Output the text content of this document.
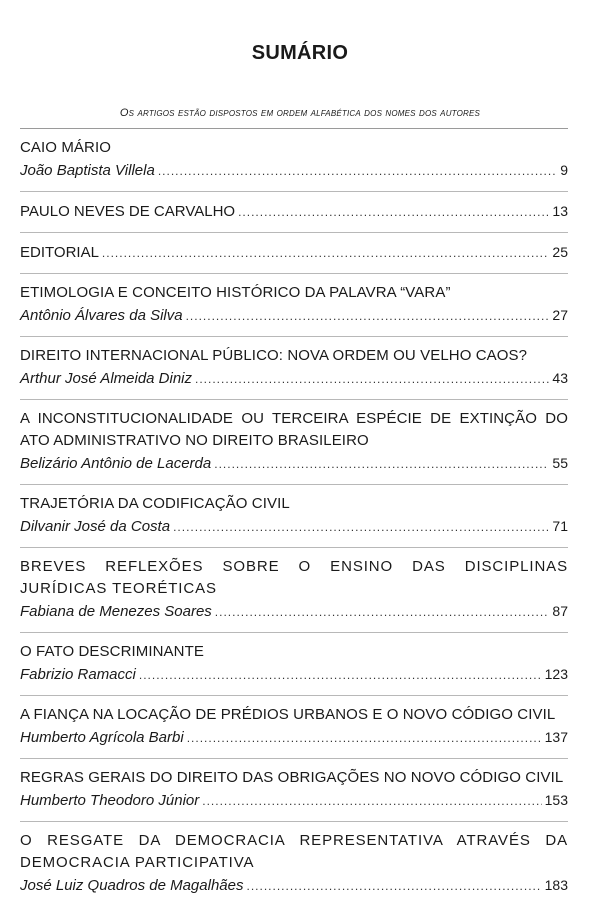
SUMÁRIO
Os artigos estão dispostos em ordem alfabética dos nomes dos autores
CAIO MÁRIO
João Baptista Villela .....	9
PAULO NEVES DE CARVALHO .....	13
EDITORIAL .....	25
ETIMOLOGIA E CONCEITO HISTÓRICO DA PALAVRA “VARA”
Antônio Álvares da Silva .....	27
DIREITO INTERNACIONAL PÚBLICO: NOVA ORDEM OU VELHO CAOS?
Arthur José Almeida Diniz .....	43
A INCONSTITUCIONALIDADE OU TERCEIRA ESPÉCIE DE EXTINÇÃO DO ATO ADMINISTRATIVO NO DIREITO BRASILEIRO
Belizário Antônio de Lacerda .....	55
TRAJETÓRIA DA CODIFICAÇÃO CIVIL
Dilvanir José da Costa .....	71
BREVES REFLEXÕES SOBRE O ENSINO DAS DISCIPLINAS JURÍDICAS TEORÉTICAS
Fabiana de Menezes Soares .....	87
O FATO DESCRIMINANTE
Fabrizio Ramacci .....	123
A FIANÇA NA LOCAÇÃO DE PRÉDIOS URBANOS E O NOVO CÓDIGO CIVIL
Humberto Agrícola Barbi .....	137
REGRAS GERAIS DO DIREITO DAS OBRIGAÇÕES NO NOVO CÓDIGO CIVIL
Humberto Theodoro Júnior .....	153
O RESGATE DA DEMOCRACIA REPRESENTATIVA ATRAVÉS DA DEMOCRACIA PARTICIPATIVA
José Luiz Quadros de Magalhães .....	183
